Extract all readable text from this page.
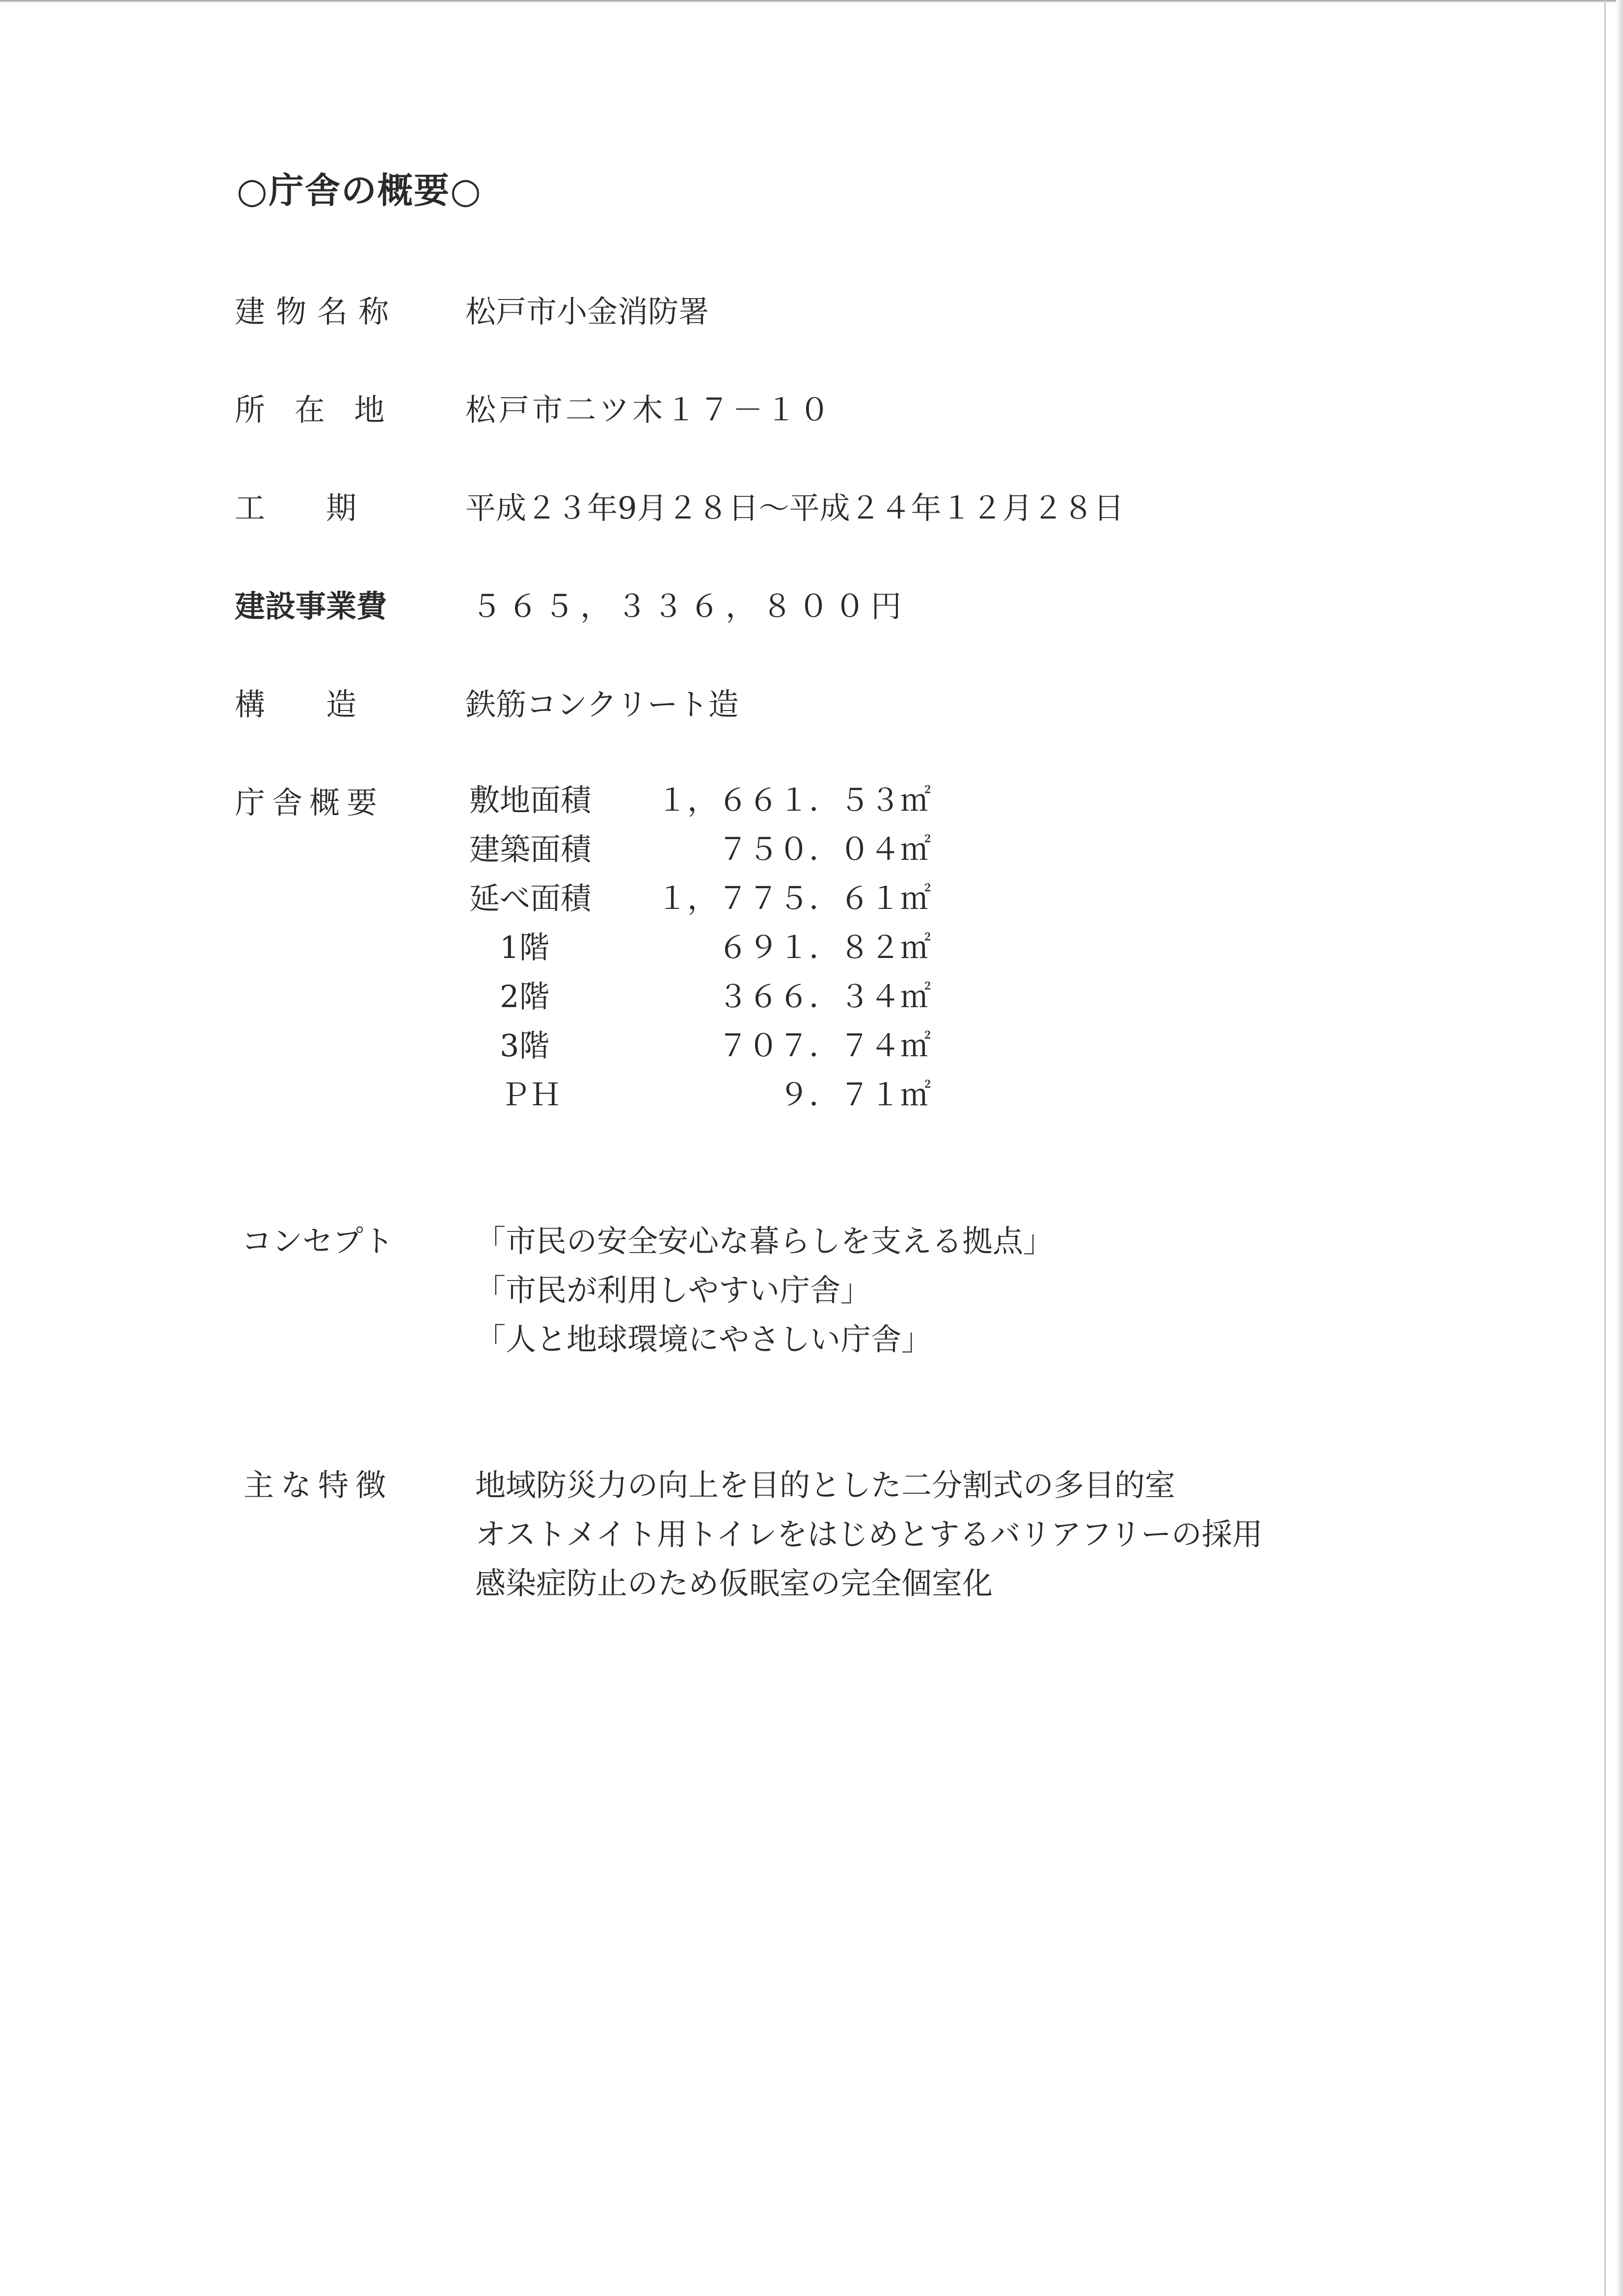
○庁舎の概要○
建物名称 松戸市小金消防署
所 在 地 松戸市二ツ木１７－１０
工　　期	平成２３年9月２８日～平成２４年１２月２８日
建設事業費	５６５，３３６，８００円
構　　造	鉄筋コンクリート造
庁舎概要	敷地面積	１，６６１．５３㎡
建築面積	７５０．０４㎡
延べ面積	１，７７５．６１㎡
　1階	６９１．８２㎡
　2階	３６６．３４㎡
　3階	７０７．７４㎡
　ＰＨ	９．７１㎡
コンセプト	「市民の安全安心な暮らしを支える拠点」
「市民が利用しやすい庁舎」
「人と地球環境にやさしい庁舎」
主な特徴	地域防災力の向上を目的とした二分割式の多目的室
オストメイト用トイレをはじめとするバリアフリーの採用
感染症防止のため仮眠室の完全個室化
